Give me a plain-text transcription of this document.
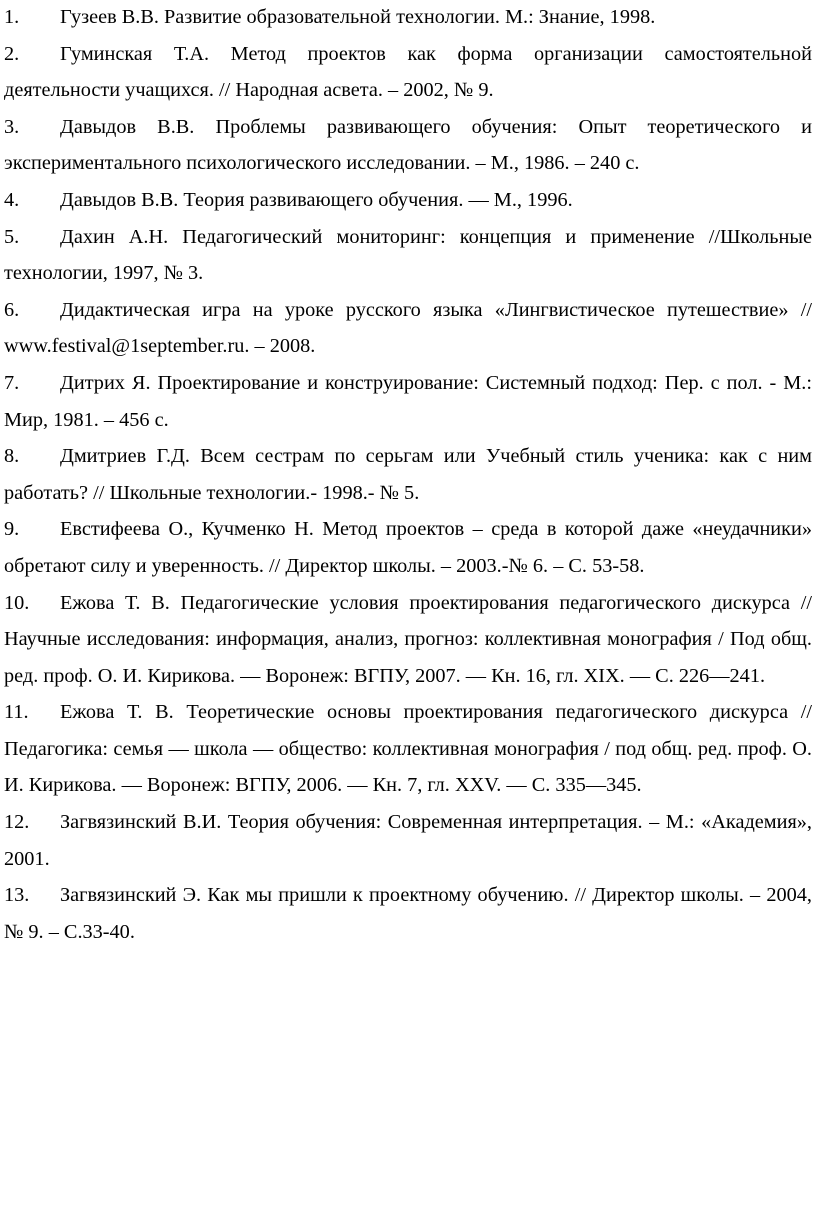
1. Гузеев В.В. Развитие образовательной технологии. М.: Знание, 1998.
2. Гуминская Т.А. Метод проектов как форма организации самостоятельной деятельности учащихся. // Народная асвета. – 2002, № 9.
3. Давыдов В.В. Проблемы развивающего обучения: Опыт теоретического и экспериментального психологического исследовании. – М., 1986. – 240 с.
4. Давыдов В.В. Теория развивающего обучения. — М., 1996.
5. Дахин А.Н. Педагогический мониторинг: концепция и применение //Школьные технологии, 1997, № 3.
6. Дидактическая игра на уроке русского языка «Лингвистическое путешествие» // www.festival@1september.ru. – 2008.
7. Дитрих Я. Проектирование и конструирование: Системный подход: Пер. с пол. - М.: Мир, 1981. – 456 с.
8. Дмитриев Г.Д. Всем сестрам по серьгам или Учебный стиль ученика: как с ним работать? // Школьные технологии.- 1998.- № 5.
9. Евстифеева О., Кучменко Н. Метод проектов – среда в которой даже «неудачники» обретают силу и уверенность. // Директор школы. – 2003.-№ 6. – С. 53-58.
10. Ежова Т. В. Педагогические условия проектирования педагогического дискурса //Научные исследования: информация, анализ, прогноз: коллективная монография / Под общ. ред. проф. О. И. Кирикова. — Воронеж: ВГПУ, 2007. — Кн. 16, гл. XIX. — С. 226—241.
11. Ежова Т. В. Теоретические основы проектирования педагогического дискурса // Педагогика: семья — школа — общество: коллективная монография / под общ. ред. проф. О. И. Кирикова. — Воронеж: ВГПУ, 2006. — Кн. 7, гл. XXV. — С. 335—345.
12. Загвязинский В.И. Теория обучения: Современная интерпретация. – М.: «Академия», 2001.
13. Загвязинский Э. Как мы пришли к проектному обучению. // Директор школы. – 2004, № 9. – С.33-40.
